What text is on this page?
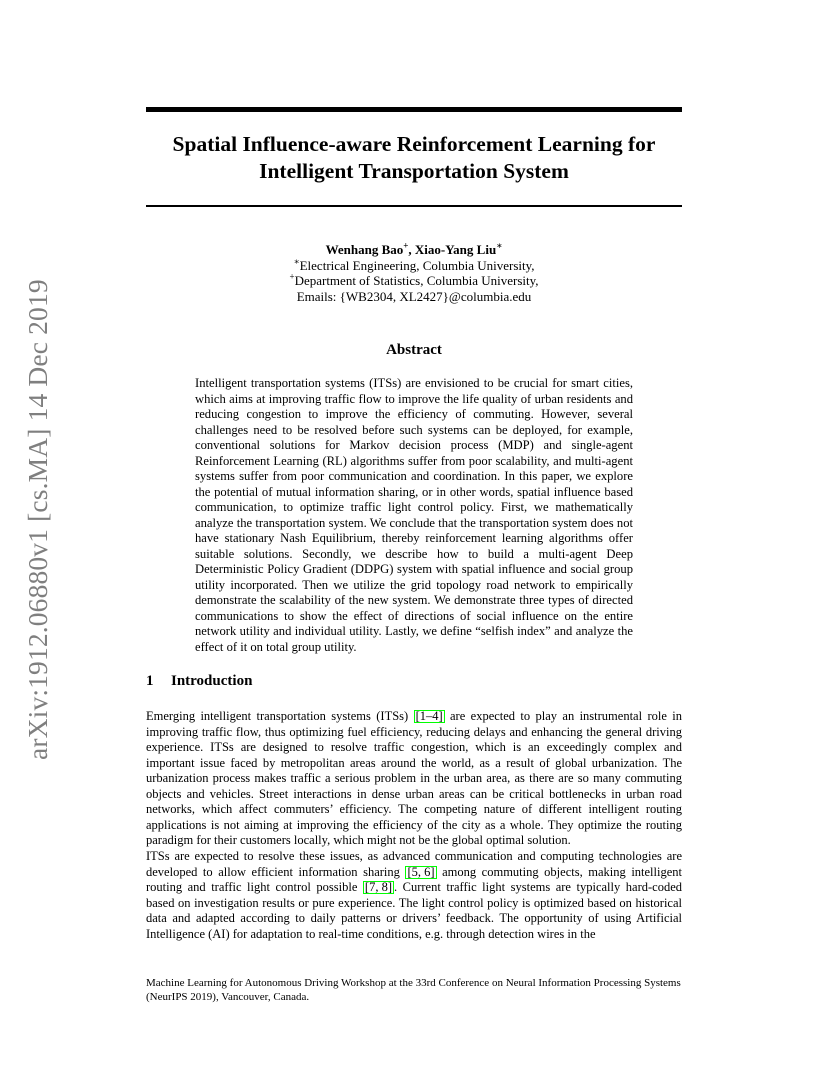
arXiv:1912.06880v1 [cs.MA] 14 Dec 2019
Spatial Influence-aware Reinforcement Learning for
Intelligent Transportation System
Wenhang Bao+, Xiao-Yang Liu∗
∗Electrical Engineering, Columbia University,
+Department of Statistics, Columbia University,
Emails: {WB2304, XL2427}@columbia.edu
Abstract

Intelligent transportation systems (ITSs) are envisioned to be crucial for smart cities, which aims at improving traffic flow to improve the life quality of urban residents and reducing congestion to improve the efficiency of commuting. However, several challenges need to be resolved before such systems can be deployed, for example, conventional solutions for Markov decision process (MDP) and single-agent Reinforcement Learning (RL) algorithms suffer from poor scalability, and multi-agent systems suffer from poor communication and coordination. In this paper, we explore the potential of mutual information sharing, or in other words, spatial influence based communication, to optimize traffic light control policy. First, we mathematically analyze the transportation system. We conclude that the transportation system does not have stationary Nash Equilibrium, thereby reinforcement learning algorithms offer suitable solutions. Secondly, we describe how to build a multi-agent Deep Deterministic Policy Gradient (DDPG) system with spatial influence and social group utility incorporated. Then we utilize the grid topology road network to empirically demonstrate the scalability of the new system. We demonstrate three types of directed communications to show the effect of directions of social influence on the entire network utility and individual utility. Lastly, we define “selfish index” and analyze the effect of it on total group utility.

1 Introduction

Emerging intelligent transportation systems (ITSs) [1–4] are expected to play an instrumental role in improving traffic flow, thus optimizing fuel efficiency, reducing delays and enhancing the general driving experience. ITSs are designed to resolve traffic congestion, which is an exceedingly complex and important issue faced by metropolitan areas around the world, as a result of global urbanization. The urbanization process makes traffic a serious problem in the urban area, as there are so many commuting objects and vehicles. Street interactions in dense urban areas can be critical bottlenecks in urban road networks, which affect commuters’ efficiency. The competing nature of different intelligent routing applications is not aiming at improving the efficiency of the city as a whole. They optimize the routing paradigm for their customers locally, which might not be the global optimal solution.

ITSs are expected to resolve these issues, as advanced communication and computing technologies are developed to allow efficient information sharing [5, 6] among commuting objects, making intelligent routing and traffic light control possible [7, 8] . Current traffic light systems are typically hard-coded based on investigation results or pure experience. The light control policy is optimized based on historical data and adapted according to daily patterns or drivers’ feedback. The opportunity of using Artificial Intelligence (AI) for adaptation to real-time conditions, e.g. through detection wires in the

Machine Learning for Autonomous Driving Workshop at the 33rd Conference on Neural Information Processing Systems (NeurIPS 2019), Vancouver, Canada.
